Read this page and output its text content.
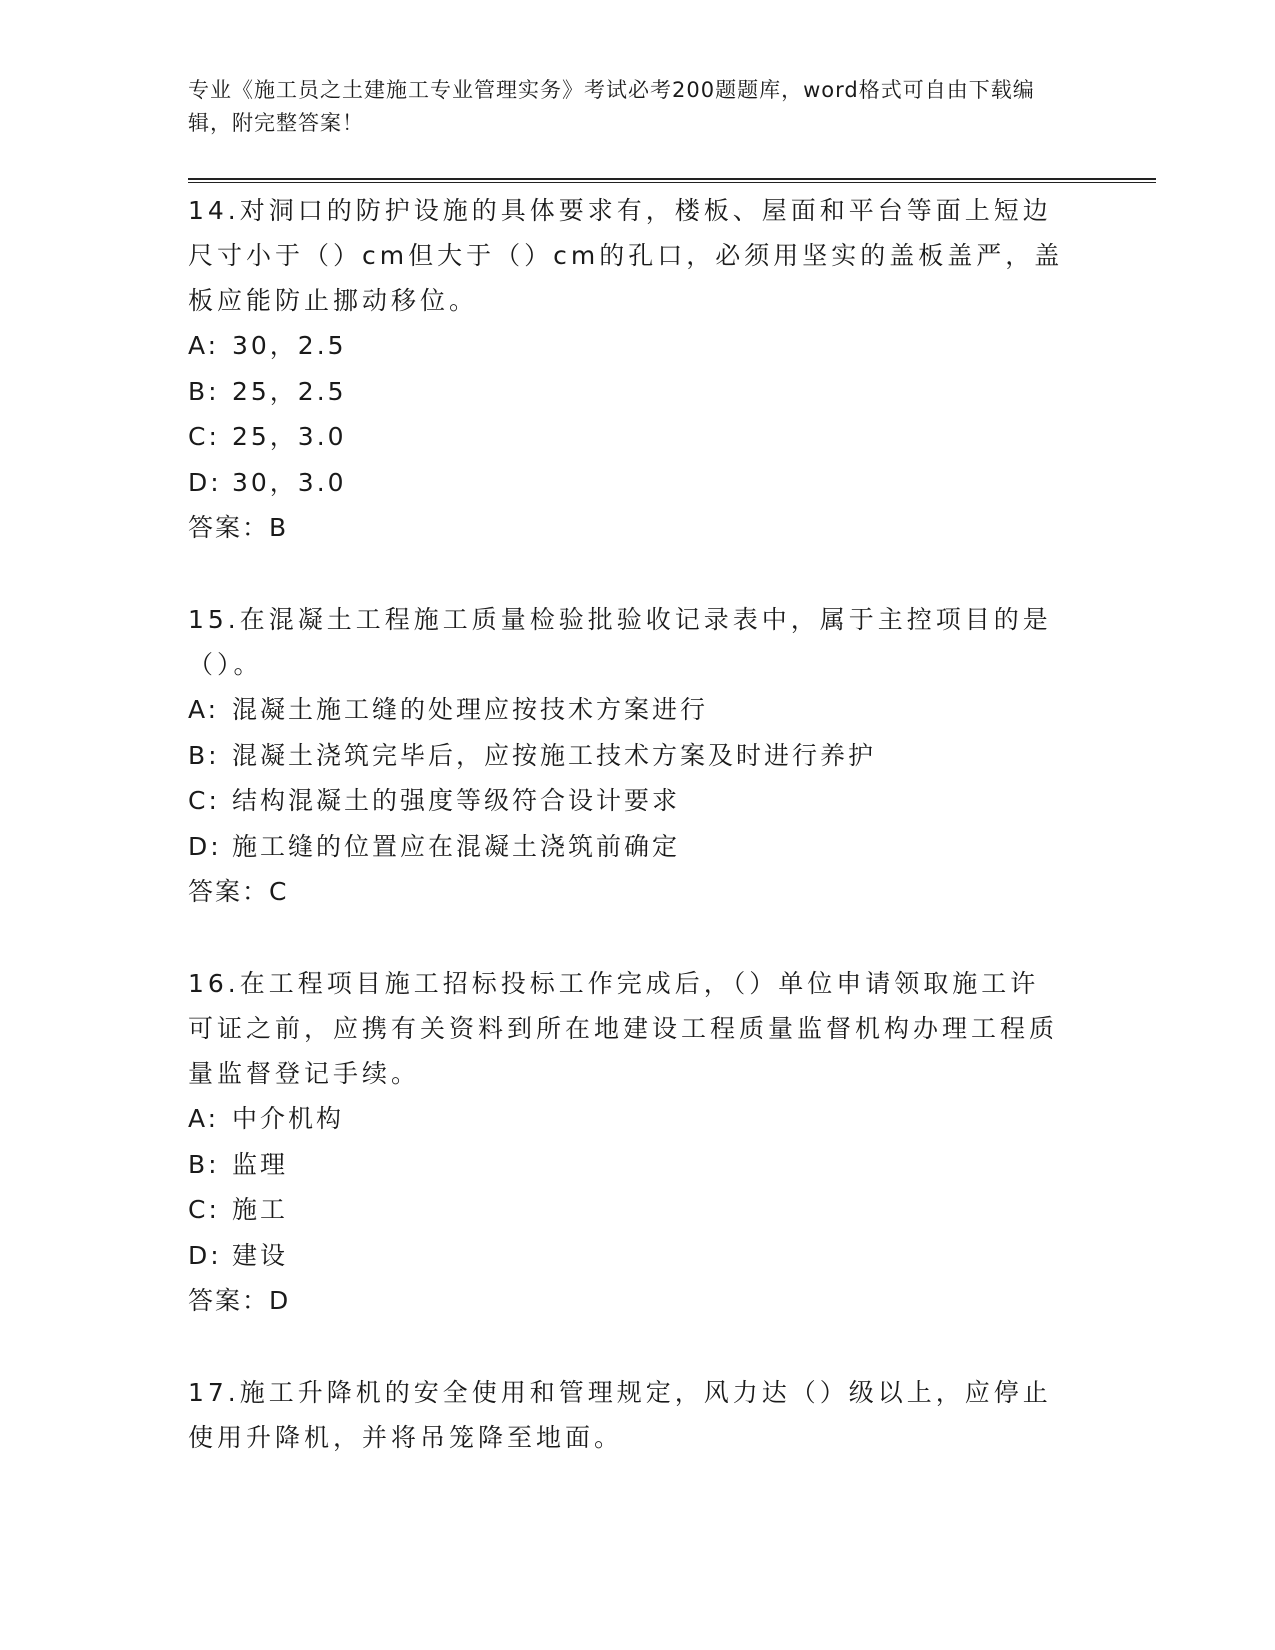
专业《施工员之土建施工专业管理实务》考试必考200题题库，word格式可自由下载编辑，附完整答案！

14.对洞口的防护设施的具体要求有，楼板、屋面和平台等面上短边尺寸小于（）cm但大于（）cm的孔口，必须用坚实的盖板盖严，盖板应能防止挪动移位。

A: 30，2.5
B: 25，2.5
C: 25，3.0
D: 30，3.0

答案：B

15.在混凝土工程施工质量检验批验收记录表中，属于主控项目的是（）。

A: 混凝土施工缝的处理应按技术方案进行
B: 混凝土浇筑完毕后，应按施工技术方案及时进行养护
C: 结构混凝土的强度等级符合设计要求
D: 施工缝的位置应在混凝土浇筑前确定

答案：C

16.在工程项目施工招标投标工作完成后，（）单位申请领取施工许可证之前，应携有关资料到所在地建设工程质量监督机构办理工程质量监督登记手续。

A: 中介机构
B: 监理
C: 施工
D: 建设

答案：D

17.施工升降机的安全使用和管理规定，风力达（）级以上，应停止使用升降机，并将吊笼降至地面。
